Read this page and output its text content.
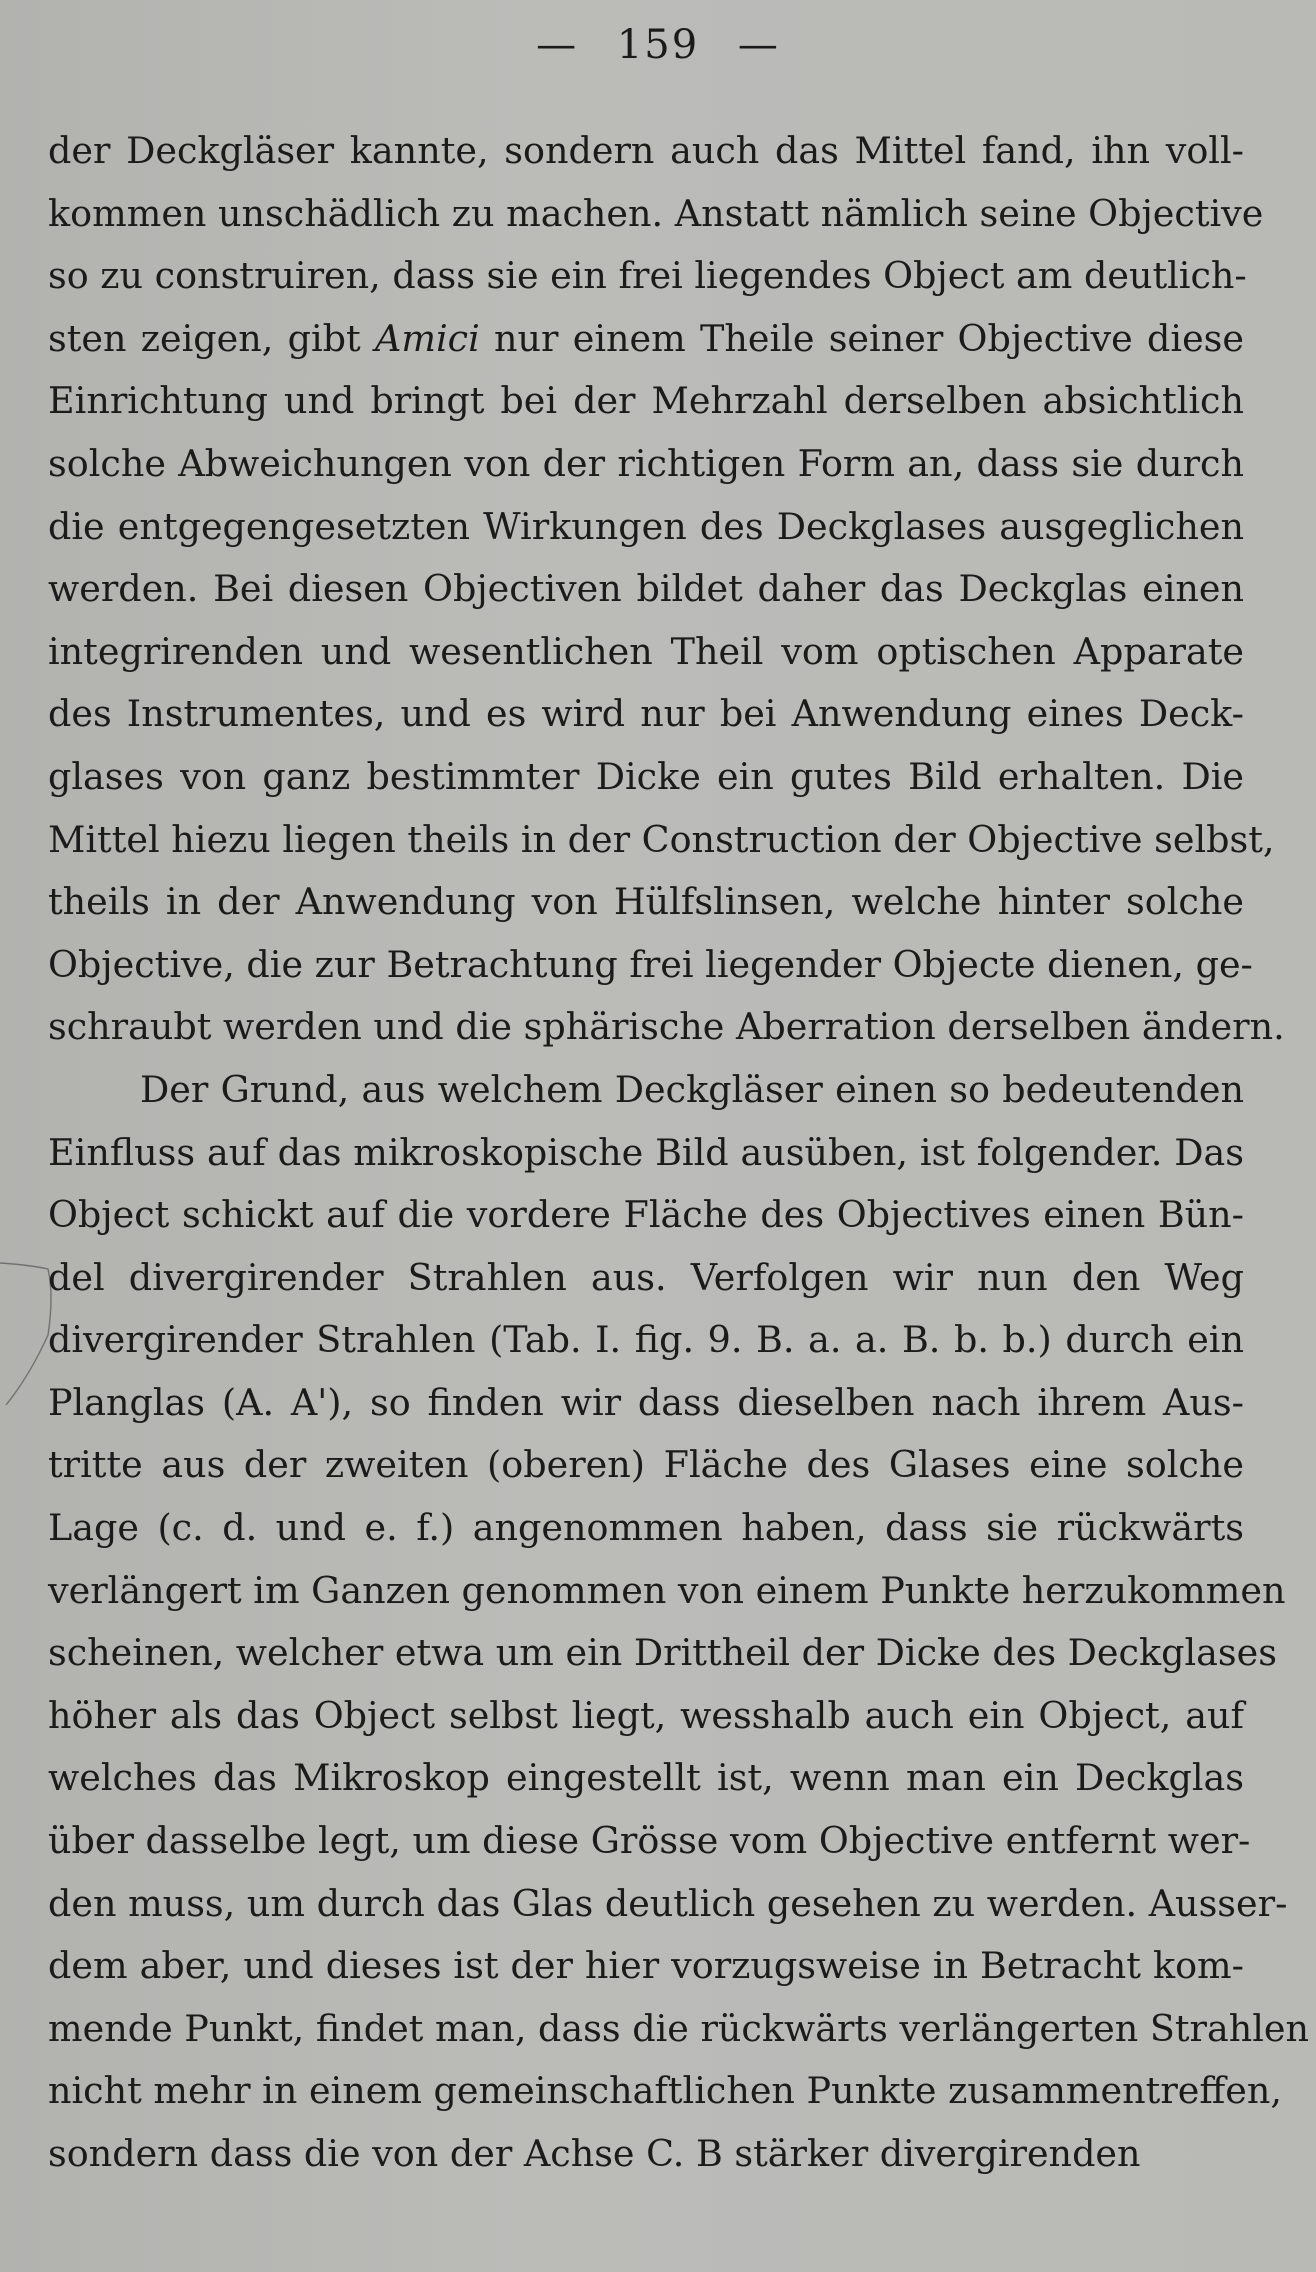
— 159 —
der Deckgläser kannte, sondern auch das Mittel fand, ihn voll-
kommen unschädlich zu machen. Anstatt nämlich seine Objective
so zu construiren, dass sie ein frei liegendes Object am deutlich-
sten zeigen, gibt Amici nur einem Theile seiner Objective diese
Einrichtung und bringt bei der Mehrzahl derselben absichtlich
solche Abweichungen von der richtigen Form an, dass sie durch
die entgegengesetzten Wirkungen des Deckglases ausgeglichen
werden. Bei diesen Objectiven bildet daher das Deckglas einen
integrirenden und wesentlichen Theil vom optischen Apparate
des Instrumentes, und es wird nur bei Anwendung eines Deck-
glases von ganz bestimmter Dicke ein gutes Bild erhalten. Die
Mittel hiezu liegen theils in der Construction der Objective selbst,
theils in der Anwendung von Hülfslinsen, welche hinter solche
Objective, die zur Betrachtung frei liegender Objecte dienen, ge-
schraubt werden und die sphärische Aberration derselben ändern.
Der Grund, aus welchem Deckgläser einen so bedeutenden
Einfluss auf das mikroskopische Bild ausüben, ist folgender. Das
Object schickt auf die vordere Fläche des Objectives einen Bün-
del divergirender Strahlen aus. Verfolgen wir nun den Weg
divergirender Strahlen (Tab. I. fig. 9. B. a. a. B. b. b.) durch ein
Planglas (A. A'), so finden wir dass dieselben nach ihrem Aus-
tritte aus der zweiten (oberen) Fläche des Glases eine solche
Lage (c. d. und e. f.) angenommen haben, dass sie rückwärts
verlängert im Ganzen genommen von einem Punkte herzukommen
scheinen, welcher etwa um ein Drittheil der Dicke des Deckglases
höher als das Object selbst liegt, wesshalb auch ein Object, auf
welches das Mikroskop eingestellt ist, wenn man ein Deckglas
über dasselbe legt, um diese Grösse vom Objective entfernt wer-
den muss, um durch das Glas deutlich gesehen zu werden. Ausser-
dem aber, und dieses ist der hier vorzugsweise in Betracht kom-
mende Punkt, findet man, dass die rückwärts verlängerten Strahlen
nicht mehr in einem gemeinschaftlichen Punkte zusammentreffen,
sondern dass die von der Achse C. B stärker divergirenden
